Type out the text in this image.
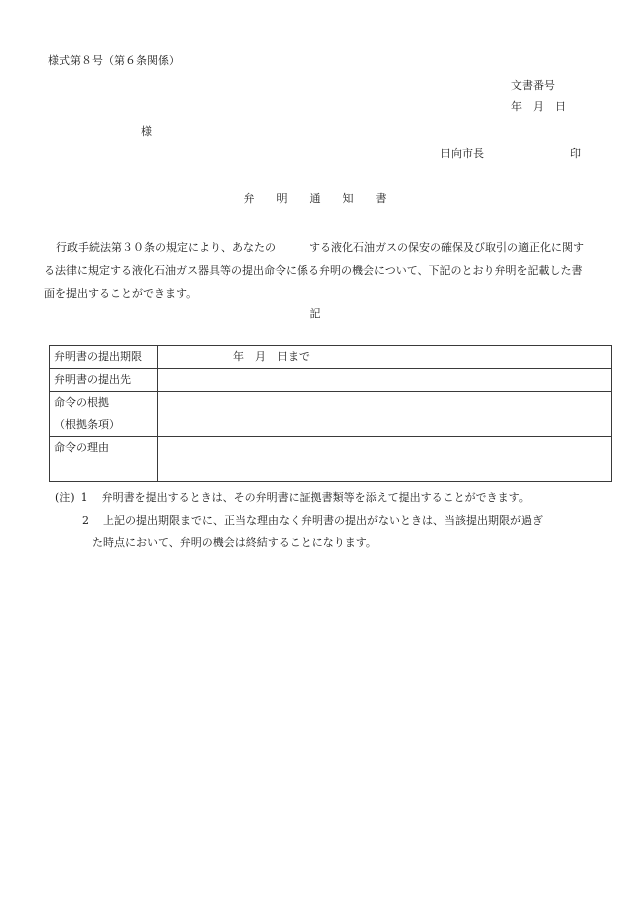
様式第８号（第６条関係）
文書番号
年　月　日
様
日向市長	印
弁　　明　　通　　知　　書
行政手続法第３０条の規定により、あなたの　　　する液化石油ガスの保安の確保及び取引の適正化に関する法律に規定する液化石油ガス器具等の提出命令に係る弁明の機会について、下記のとおり弁明を記載した書面を提出することができます。
記
弁明書の提出期限	年　月　日まで
弁明書の提出先	

命令の根拠
（根拠条項）	

命令の理由	
(注) 1 弁明書を提出するときは、その弁明書に証拠書類等を添えて提出することができます。
2 上記の提出期限までに、正当な理由なく弁明書の提出がないときは、当該提出期限が過ぎ
た時点において、弁明の機会は終結することになります。
